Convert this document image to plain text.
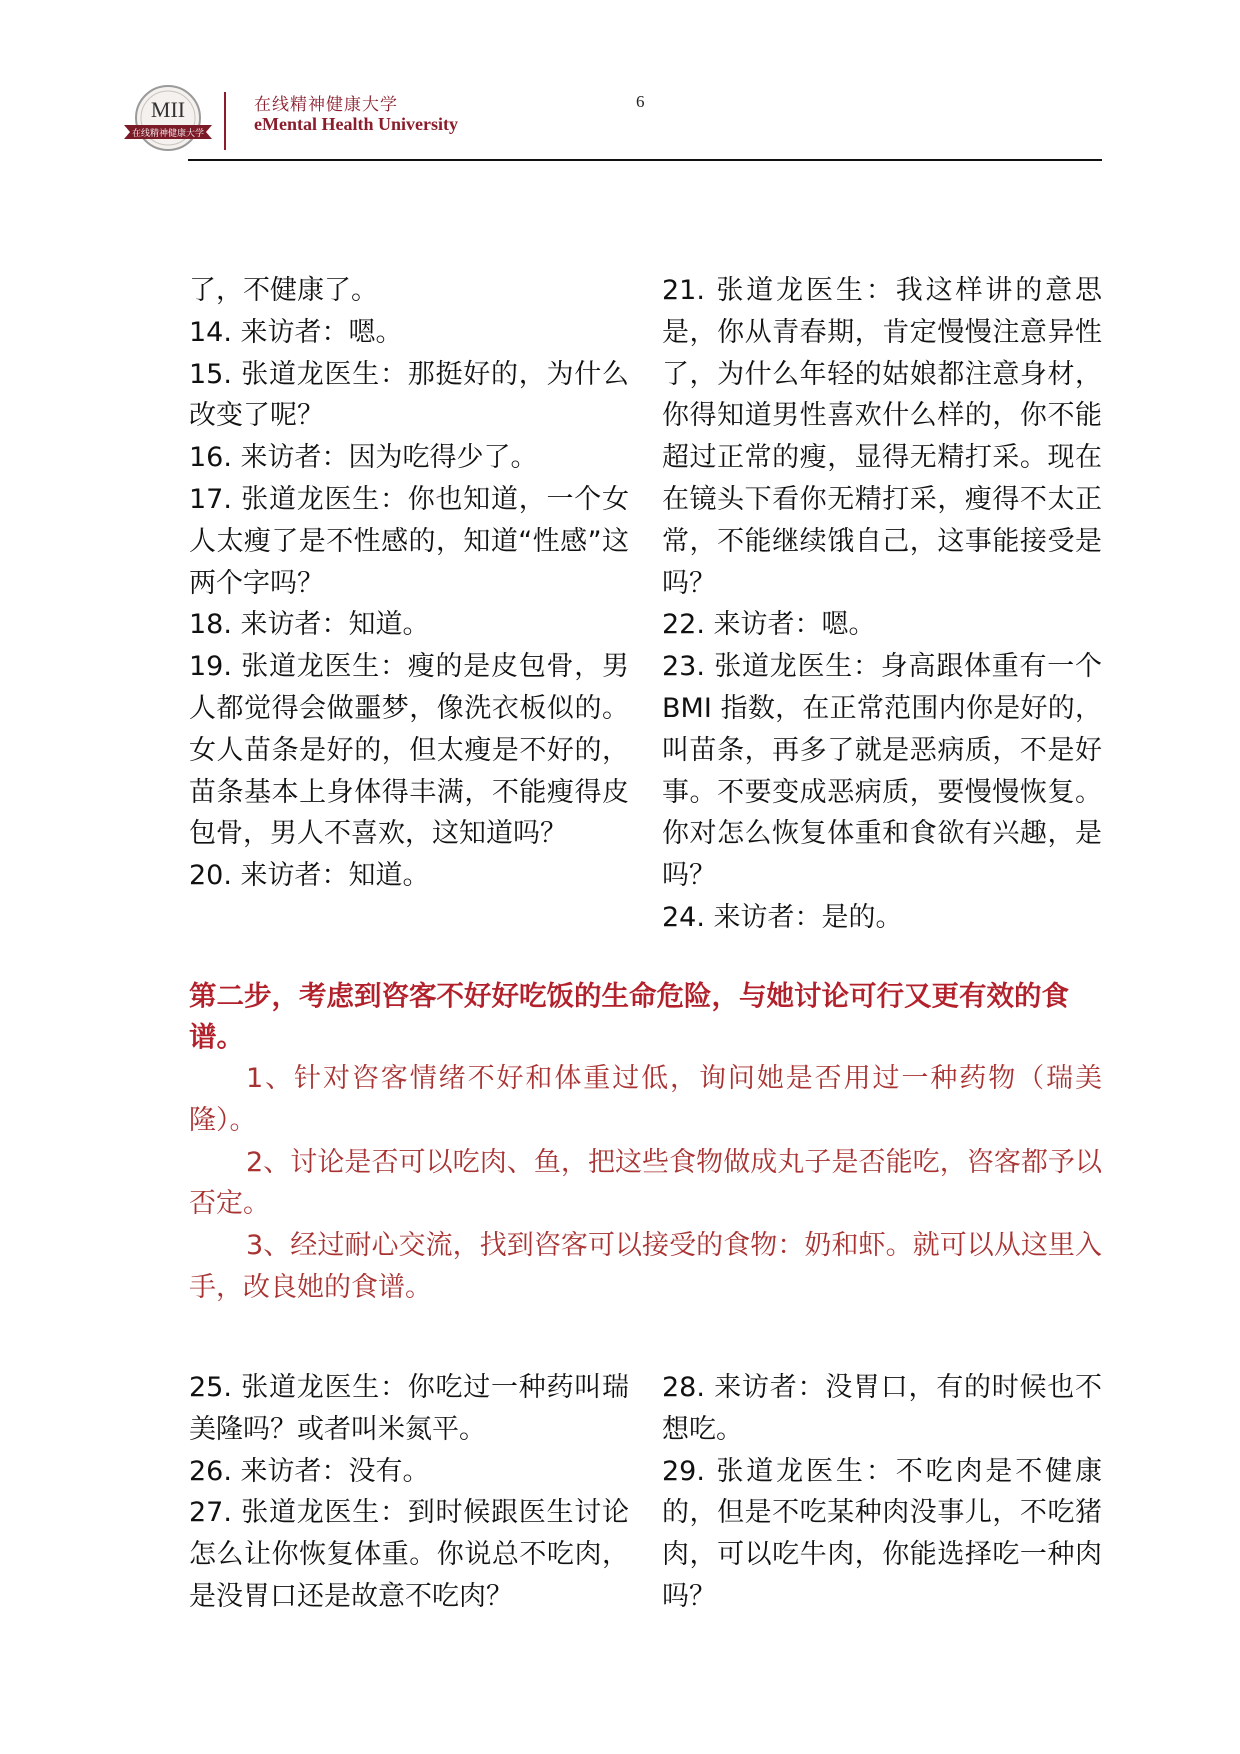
MII
在线精神健康大学
在线精神健康大学
eMental Health University
6

了，不健康了。

14. 来访者：嗯。

15. 张道龙医生：那挺好的，为什么改变了呢？

16. 来访者：因为吃得少了。

17. 张道龙医生：你也知道，一个女人太瘦了是不性感的，知道“性感”这两个字吗？

18. 来访者：知道。

19. 张道龙医生：瘦的是皮包骨，男人都觉得会做噩梦，像洗衣板似的。女人苗条是好的，但太瘦是不好的，苗条基本上身体得丰满，不能瘦得皮包骨，男人不喜欢，这知道吗？

20. 来访者：知道。

21. 张道龙医生：我这样讲的意思是，你从青春期，肯定慢慢注意异性了，为什么年轻的姑娘都注意身材，你得知道男性喜欢什么样的，你不能超过正常的瘦，显得无精打采。现在在镜头下看你无精打采，瘦得不太正常，不能继续饿自己，这事能接受是吗？

22. 来访者：嗯。

23. 张道龙医生：身高跟体重有一个 BMI 指数，在正常范围内你是好的，叫苗条，再多了就是恶病质，不是好事。不要变成恶病质，要慢慢恢复。你对怎么恢复体重和食欲有兴趣，是吗？

24. 来访者：是的。

第二步，考虑到咨客不好好吃饭的生命危险，与她讨论可行又更有效的食谱。

1、针对咨客情绪不好和体重过低，询问她是否用过一种药物（瑞美隆）。

2、讨论是否可以吃肉、鱼，把这些食物做成丸子是否能吃，咨客都予以否定。

3、经过耐心交流，找到咨客可以接受的食物：奶和虾。就可以从这里入手，改良她的食谱。

25. 张道龙医生：你吃过一种药叫瑞美隆吗？或者叫米氮平。

26. 来访者：没有。

27. 张道龙医生：到时候跟医生讨论怎么让你恢复体重。你说总不吃肉，是没胃口还是故意不吃肉？

28. 来访者：没胃口，有的时候也不想吃。

29. 张道龙医生：不吃肉是不健康的，但是不吃某种肉没事儿，不吃猪肉，可以吃牛肉，你能选择吃一种肉吗？
